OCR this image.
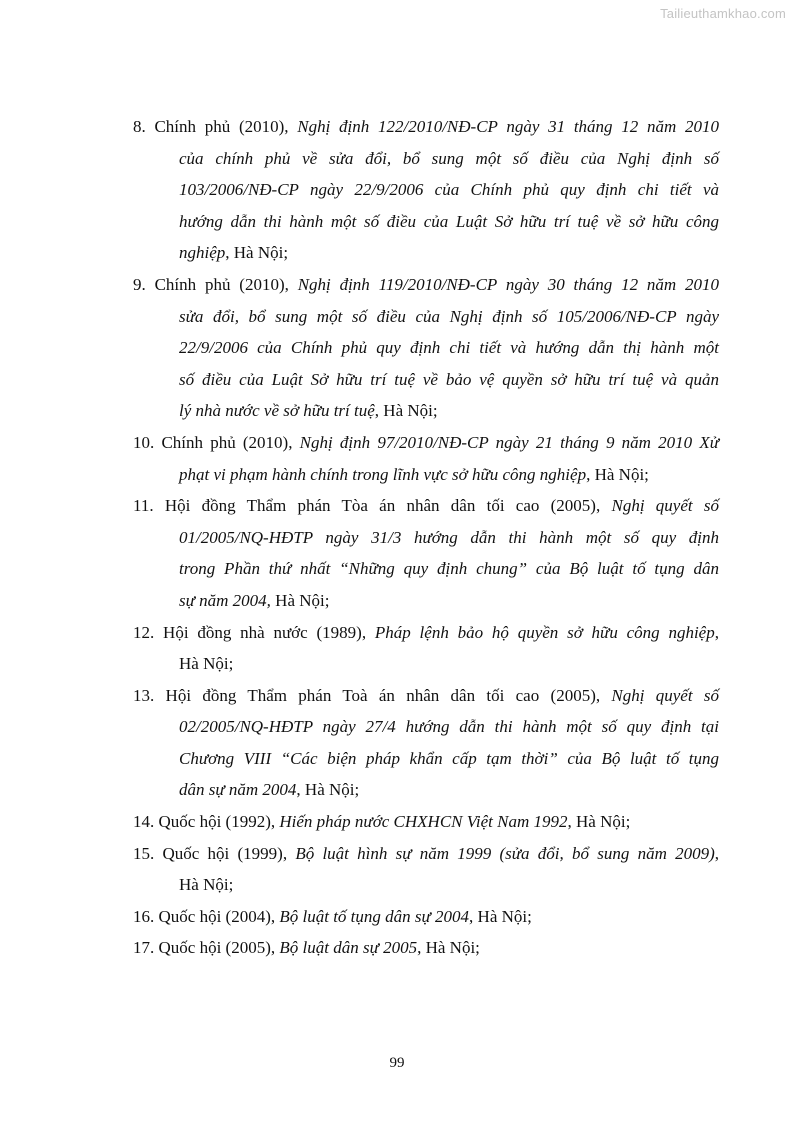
Tailieuthamkhao.com
8. Chính phủ (2010), Nghị định 122/2010/NĐ-CP ngày 31 tháng 12 năm 2010
của chính phủ về sửa đổi, bổ sung một số điều của Nghị định số
103/2006/NĐ-CP ngày 22/9/2006 của Chính phủ quy định chi tiết và
hướng dẫn thi hành một số điều của Luật Sở hữu trí tuệ về sở hữu công
nghiệp, Hà Nội;
9. Chính phủ (2010), Nghị định 119/2010/NĐ-CP ngày 30 tháng 12 năm 2010
sửa đổi, bổ sung một số điều của Nghị định số 105/2006/NĐ-CP ngày
22/9/2006 của Chính phủ quy định chi tiết và hướng dẫn thị hành một
số điều của Luật Sở hữu trí tuệ về bảo vệ quyền sở hữu trí tuệ và quản
lý nhà nước về sở hữu trí tuệ, Hà Nội;
10. Chính phủ (2010), Nghị định 97/2010/NĐ-CP ngày 21 tháng 9 năm 2010 Xử
phạt vi phạm hành chính trong lĩnh vực sở hữu công nghiệp, Hà Nội;
11. Hội đồng Thẩm phán Tòa án nhân dân tối cao (2005), Nghị quyết số
01/2005/NQ-HĐTP ngày 31/3 hướng dẫn thi hành một số quy định
trong Phần thứ nhất “Những quy định chung” của Bộ luật tố tụng dân
sự năm 2004, Hà Nội;
12. Hội đồng nhà nước (1989), Pháp lệnh bảo hộ quyền sở hữu công nghiệp,
Hà Nội;
13. Hội đồng Thẩm phán Toà án nhân dân tối cao (2005), Nghị quyết số
02/2005/NQ-HĐTP ngày 27/4 hướng dẫn thi hành một số quy định tại
Chương VIII “Các biện pháp khẩn cấp tạm thời” của Bộ luật tố tụng
dân sự năm 2004, Hà Nội;
14. Quốc hội (1992), Hiến pháp nước CHXHCN Việt Nam 1992, Hà Nội;
15. Quốc hội (1999), Bộ luật hình sự năm 1999 (sửa đổi, bổ sung năm 2009),
Hà Nội;
16. Quốc hội (2004), Bộ luật tố tụng dân sự 2004, Hà Nội;
17. Quốc hội (2005), Bộ luật dân sự 2005, Hà Nội;
99
